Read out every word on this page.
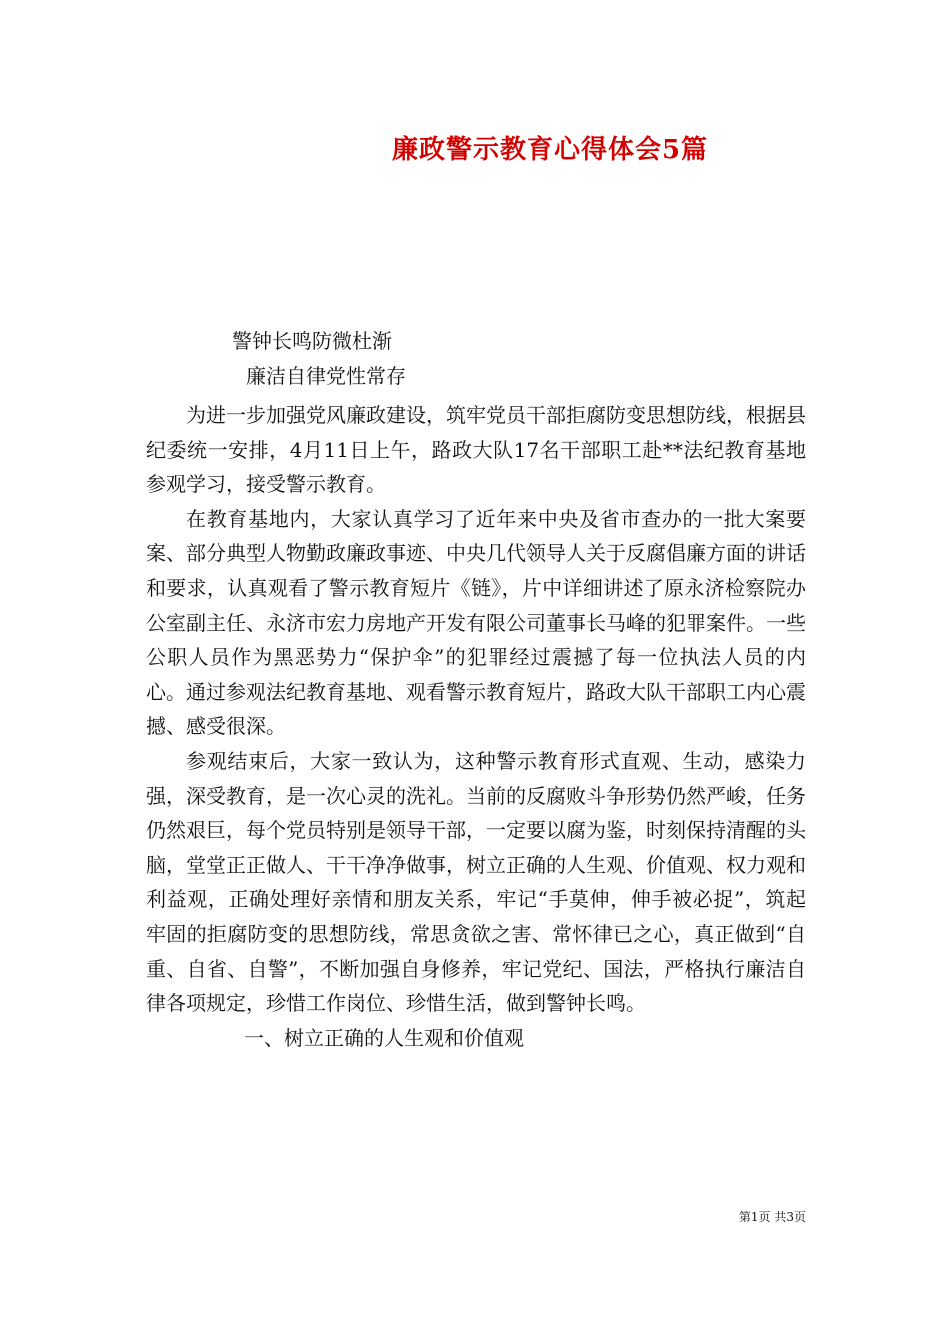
廉政警示教育心得体会5篇
警钟长鸣防微杜渐
廉洁自律党性常存

为进一步加强党风廉政建设，筑牢党员干部拒腐防变思想防线，根据县纪委统一安排，4月11日上午，路政大队17名干部职工赴**法纪教育基地参观学习，接受警示教育。

在教育基地内，大家认真学习了近年来中央及省市查办的一批大案要案、部分典型人物勤政廉政事迹、中央几代领导人关于反腐倡廉方面的讲话和要求，认真观看了警示教育短片《链》，片中详细讲述了原永济检察院办公室副主任、永济市宏力房地产开发有限公司董事长马峰的犯罪案件。一些公职人员作为黑恶势力“保护伞”的犯罪经过震撼了每一位执法人员的内心。通过参观法纪教育基地、观看警示教育短片，路政大队干部职工内心震撼、感受很深。

参观结束后，大家一致认为，这种警示教育形式直观、生动，感染力强，深受教育，是一次心灵的洗礼。当前的反腐败斗争形势仍然严峻，任务仍然艰巨，每个党员特别是领导干部，一定要以腐为鉴，时刻保持清醒的头脑，堂堂正正做人、干干净净做事，树立正确的人生观、价值观、权力观和利益观，正确处理好亲情和朋友关系，牢记“手莫伸，伸手被必捉”，筑起牢固的拒腐防变的思想防线，常思贪欲之害、常怀律已之心，真正做到“自重、自省、自警”，不断加强自身修养，牢记党纪、国法，严格执行廉洁自律各项规定，珍惜工作岗位、珍惜生活，做到警钟长鸣。

一、树立正确的人生观和价值观

第1页 共3页
